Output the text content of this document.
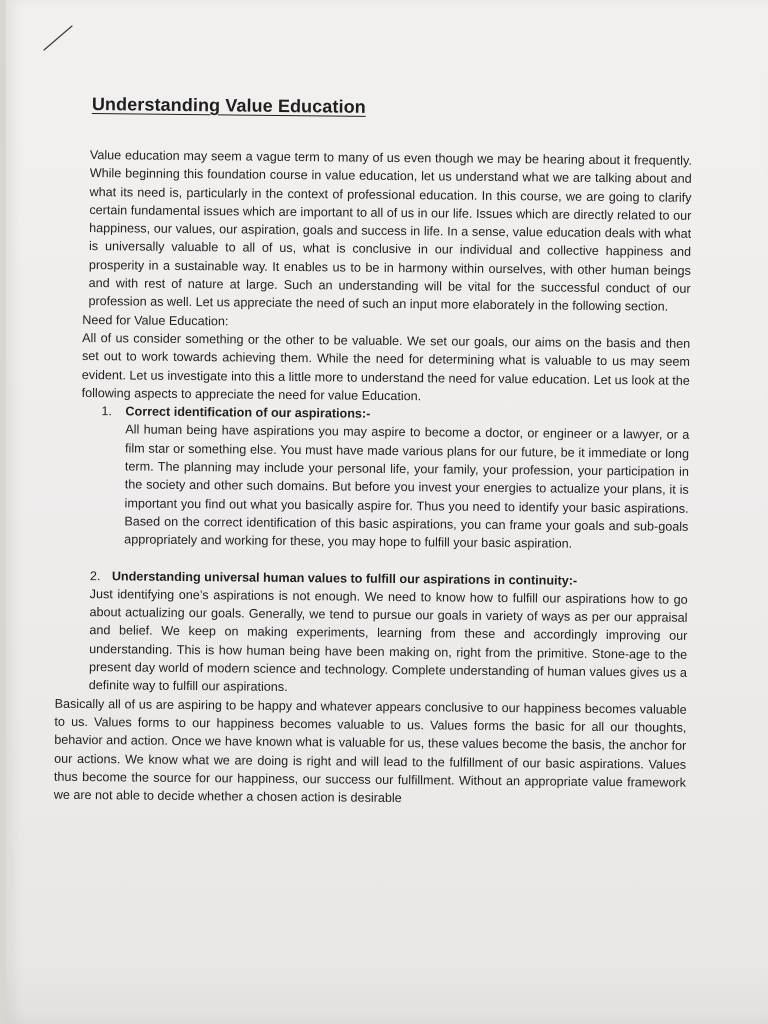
Understanding Value Education

Value education may seem a vague term to many of us even though we may be hearing about it frequently. While beginning this foundation course in value education, let us understand what we are talking about and what its need is, particularly in the context of professional education. In this course, we are going to clarify certain fundamental issues which are important to all of us in our life. Issues which are directly related to our happiness, our values, our aspiration, goals and success in life. In a sense, value education deals with what is universally valuable to all of us, what is conclusive in our individual and collective happiness and prosperity in a sustainable way. It enables us to be in harmony within ourselves, with other human beings and with rest of nature at large. Such an understanding will be vital for the successful conduct of our profession as well. Let us appreciate the need of such an input more elaborately in the following section.

Need for Value Education:

All of us consider something or the other to be valuable. We set our goals, our aims on the basis and then set out to work towards achieving them. While the need for determining what is valuable to us may seem evident. Let us investigate into this a little more to understand the need for value education. Let us look at the following aspects to appreciate the need for value Education.

1.	Correct identification of our aspirations:-

All human being have aspirations you may aspire to become a doctor, or engineer or a lawyer, or a film star or something else. You must have made various plans for our future, be it immediate or long term. The planning may include your personal life, your family, your profession, your participation in the society and other such domains. But before you invest your energies to actualize your plans, it is important you find out what you basically aspire for. Thus you need to identify your basic aspirations. Based on the correct identification of this basic aspirations, you can frame your goals and sub-goals appropriately and working for these, you may hope to fulfill your basic aspiration.

2. Understanding universal human values to fulfill our aspirations in continuity:-

Just identifying one’s aspirations is not enough. We need to know how to fulfill our aspirations how to go about actualizing our goals. Generally, we tend to pursue our goals in variety of ways as per our appraisal and belief. We keep on making experiments, learning from these and accordingly improving our understanding. This is how human being have been making on, right from the primitive. Stone-age to the present day world of modern science and technology. Complete understanding of human values gives us a definite way to fulfill our aspirations.

Basically all of us are aspiring to be happy and whatever appears conclusive to our happiness becomes valuable to us. Values forms to our happiness becomes valuable to us. Values forms the basic for all our thoughts, behavior and action. Once we have known what is valuable for us, these values become the basis, the anchor for our actions. We know what we are doing is right and will lead to the fulfillment of our basic aspirations. Values thus become the source for our happiness, our success our fulfillment. Without an appropriate value framework we are not able to decide whether a chosen action is desirable
